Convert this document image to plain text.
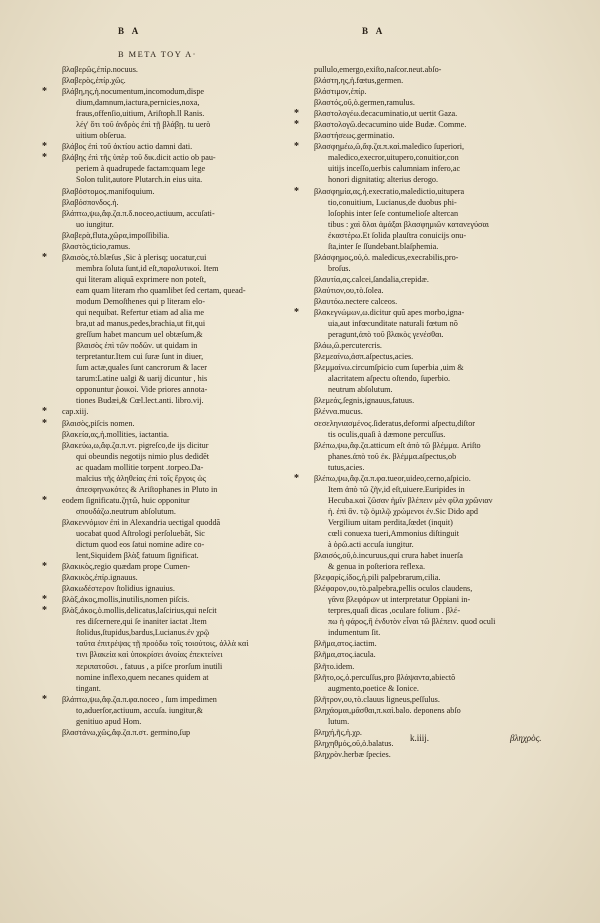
B A	B A
B META TOY A·
βλαβερῶς,ἐπίρ.nocuus.
βλαβερὸς,ἐπίρ.χῶς.
* βλάβη,ης,ἡ.nocumentum,incomodum,dispe
dium,damnum,iactura,pernicies,noxa,
fraus,offenſio,uitium, Ariſtoph.ll Ranis.
λέγ' ὅτι τοῦ ἀνδρὸς ἐπὶ τῇ βλάβῃ. tu uerò
uitium obſerua.
* βλάβος ἐπὶ τοῦ ἀκτίου actio damni dati.
* βλάβης ἐπὶ τῆς ὑπὲρ τοῦ δικ.dicit actio ob pau-
periem à quadrupede factam:quam lege
Solon tulit,autore Plutarch.in eius uita.
βλαβόστομος.manifoquium.
βλαβόσπονδος.ἡ.
βλάπτω,ψω,ἄφ.ζα.π.δ.noceo,actiuum, accuſati-
uo iungitur.
βλαβερὰ,fluta,χῶρα,impoſſibilia.
βλαστὸς,ticio,ramus.
* βλαισὸς,τὸ.blæſus ,Sic à plerisq; uocatur,cui
membra ſoluta ſunt,id eſt,παραλυτικοί. Item
qui literam aliquã exprimere non poteſt,
eam quam literam rho quamlibet ſed certam, quead-
modum Demoſthenes qui p literam elo-
qui nequibat. Refertur etiam ad alia me
bra,ut ad manus,pedes,brachia,ut fit,qui
greſſum habet mancum uel obtæſum,&
βλαισὸς ἐπὶ τῶν ποδῶν. ut quidam in
terpretantur.Item cui ſuræ ſunt in diuer,
ſum actæ,quales ſunt cancrorum & lacer
tarum:Latine ualgi & uarij dicuntur , his
opponuntur ῥοικοί. Vide priores annota-
tiones Budæi,& Cœl.lect.anti. libro.vij.
* cap.xiij.
* βλαισὸς,piſcis nomen.
βλακεία,ας,ἡ.mollities, iactantia.
βλακεύω,ω,ἄφ.ζα.π.ντ. pigreſco,de ijs dicitur
qui obeundis negotijs nimio plus dedidēt
ac quadam mollitie torpent .torpeo.Da-
malcius τῆς ἀληθείας ἐπὶ τοῖς ἔργοις ὡς
ἀπεσφηνωκότες & Ariſtophanes in Pluto in
* eodem ſignificatu.ζητῶ, huic opponitur
σπουδάζω.neutrum abſolutum.
βλακεννόμιον ἐπὶ in Alexandria uectigal quoddã
uocabat quod Aſtrologi perſoluebãt, Sic
dictum quod eos ſatui nomine adire co-
lent,Siquidem βλὰξ fatuum ſignificat.
* βλακικὸς,regio quædam prope Cumen-
βλακικὸς,ἐπίρ.ignauus.
βλακωδέστερον ſtolidius ignauius.
* βλὰξ,ἀκος,mollis,inutilis,nomen piſcis.
* βλὰξ,ἀκος,ὁ.mollis,delicatus,laſcirius,qui neſcit
res diſcernere,qui ſe inaniter iactat .Item
ſtolidus,ſtupidus,bardus,Lucianus.ἐν χρῷ
ταῦτα ἐπιτρέψας τῇ προόδω τοῖς τοιούτοις, ἀλλὰ καὶ
τινι βλακεία καὶ ὑποκρίσει ἀνοίας ἐπεκτείνει
περιπατοῦσι. , fatuus , a piſce prorſum inutili
nomine inflexo,quem necanes quidem at
tingant.
* βλάπτω,ψω,ἄφ.ζα.π.φα.noceo , ſum impedimen
to,aduerſor,actiuum, accuſa. iungitur,&
genitiuo apud Hom.
βλαστάνω,χῶς,ἄφ.ζα.π.στ. germino,ſup
pullulo,emergo,exiſto,naſcor.neut.abſo-
βλάστη,ης,ἡ.fœtus,germen.
βλάστιμον,ἐπίρ.
βλαστός,οῦ,ὁ.germen,ramulus.
* βλαστολογέω.decacuminatio,ut uertit Gaza.
* βλαστολογῶ.decacumino uide Budæ. Comme.
βλαστήσεως.germinatio.
* βλασφημέω,ῶ,ἄφ.ζα.π.καὶ.maledico ſuperiori,
maledico,execror,uitupero,conuitior,con
uitijs inceſſo,uerbis calumniam infero,ac
honori dignitatiq; alterius derogo.
* βλασφημία,ας,ἡ.execratio,maledictio,uitupera
tio,conuitium, Lucianus,de duobus phi-
loſophis inter ſeſe contumelioſe altercan
tibus : χαὶ ὅλαι ἁμάξαι βλασφημιῶν κατανεγύσαι
ἐκαστέρω.Et ſolida plauſtra conuicijs onu-
ſta,inter ſe ſſundebant.blaſphemia.
βλάσφημος,οὐ,ὁ. maledicus,execrabilis,pro-
broſus.
βλαυτία,ας.calcei,ſandalia,crepidæ.
βλαύτιον,ου,τὸ.ſolea.
βλαυτόω.nectere calceos.
* βλακεγνώμων,ω.dicitur quũ apes morbo,igna-
uia,aut infœcunditate naturali fœtum nõ
peragunt,ἀπὸ τοῦ βλακὸς γενέσθαι.
βλάω,ῶ.percutercris.
βλεμεαίνω,ἀσπ.aſpectus,acies.
βλεμμαίνω.circumſpicio cum ſuperbia ,uim &
alacritatem aſpectu oſtendo, ſuperbio.
neutrum abſolutum.
βλεμεάς,ſegnis,ignauus,fatuus.
βλέννα.mucus.
σεσεληνιασμένος.ſideratus,deformi aſpectu,diſtor
tis oculis,quaſi à dæmone percuſſus.
βλέπω,ψω,ἄφ.ζα.atticum eſt ἀπὸ τῶ βλέμμα. Ariſto
phanes.ἀπὸ τοῦ ἐκ. βλέμμα.aſpectus,ob
tutus,acies.
* βλέπω,ψω,ἄφ.ζα.π.φα.tueor,uideo,cerno,aſpicio.
Item ἀπὸ τῶ ζῆν,id eſt,uiuere.Euripides in
Hecuba.καὶ ζῶσαν ἡμῖν βλέπειν μὲν φίλα χρῶνιαν
ἡ. ἐπὶ ἂν. τῷ ὁμιλῷ χρώμενοι ἐν.Sic Dido apd
Vergilium uitam perdita,ſœdet (inquit)
cœli conuexa tueri,Ammonius diſtinguit
à ὁρῶ.acti accuſa iungitur.
βλαισός,οῦ,ὁ.incuruus,qui crura habet inuerſa
& genua in poſteriora reflexa.
βλεφαρίς,ίδος,ἡ.pili palpebrarum,cilia.
βλέφαρον,ου,τὸ.palpebra,pellis oculos claudens,
γᾶνα βλεφάρων ut interpretatur Oppiani in-
terpres,quaſi dicas ,oculare folium . βλέ-
πω ἡ φάρος,ἢ ἐνδυτὸν εἶναι τῶ βλέπειν. quod oculi
indumentum ſit.
βλῆμα,ατος.iactim.
βλῆμα,ατος.iacula.
βλῆτο.idem.
βλῆτο,ος,ὁ.percuſſus,pro βλάψαντα,abiectõ
augmento,poetice & Ionice.
βλῆτρον,ου,τὸ.clauus ligneus,peſſulus.
βληχάομαι,μᾶσθαι,π.καὶ.balo. deponens abſo
lutum.
βληχή,ῆς,ἡ.χρ.
βληχηθμός,οῦ,ὁ.balatus.
βληχρὸν.herbæ ſpecies.
k.iiij.	βληχρὸς.
